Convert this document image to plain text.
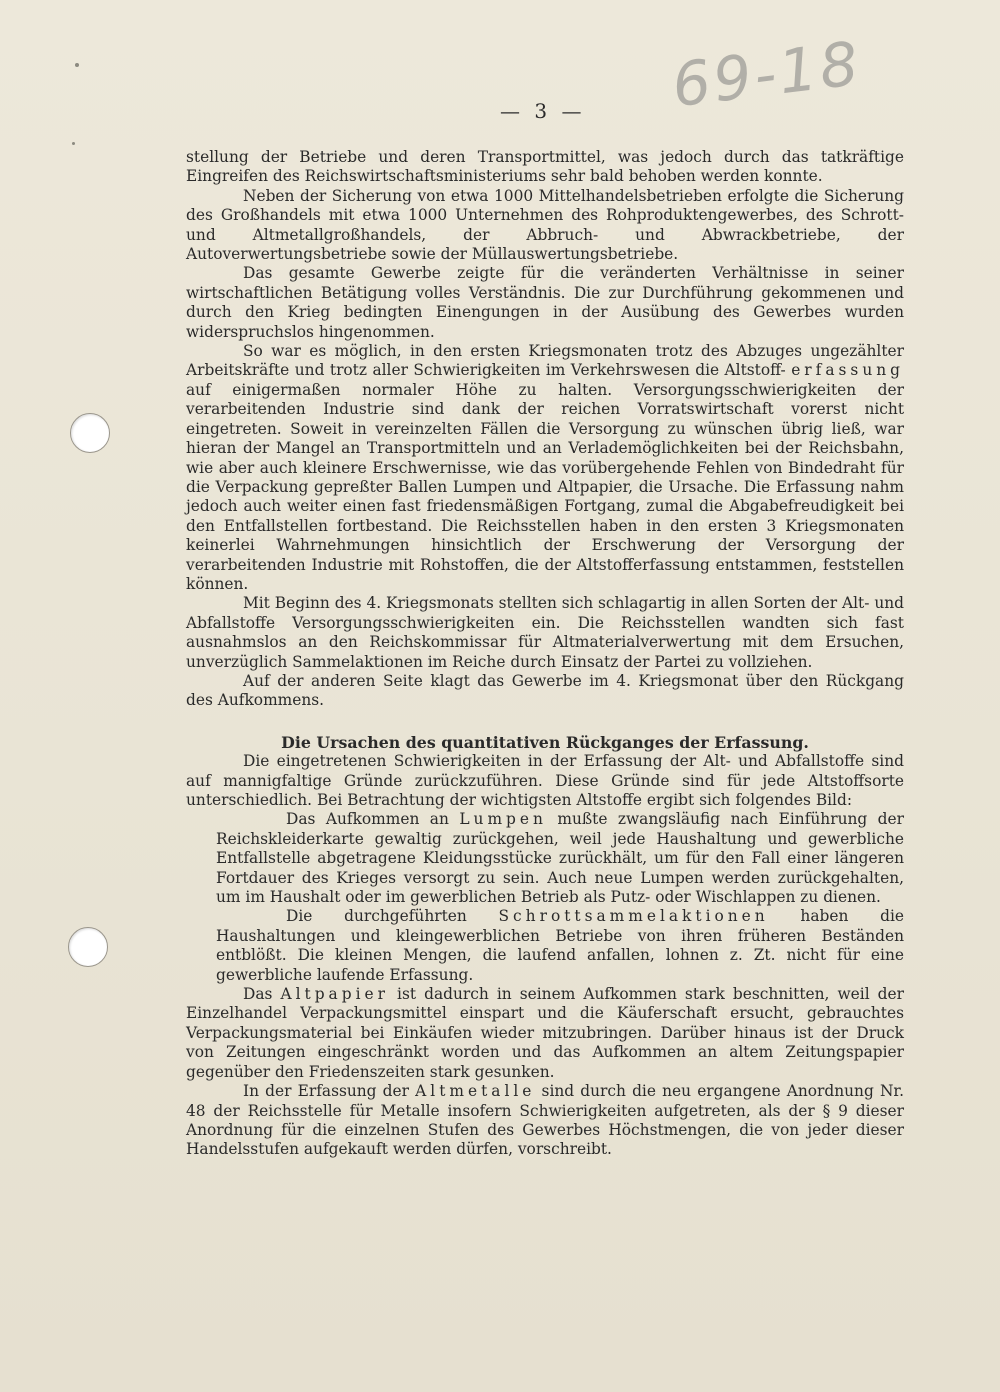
69-18
— 3 —

stellung der Betriebe und deren Transportmittel, was jedoch durch das tatkräftige Eingreifen des Reichswirtschaftsministeriums sehr bald behoben werden konnte.

Neben der Sicherung von etwa 1000 Mittelhandelsbetrieben erfolgte die Sicherung des Großhandels mit etwa 1000 Unternehmen des Rohproduktengewerbes, des Schrott- und Altmetallgroßhandels, der Abbruch- und Abwrackbetriebe, der Autoverwertungsbetriebe sowie der Müllauswertungsbetriebe.

Das gesamte Gewerbe zeigte für die veränderten Verhältnisse in seiner wirtschaftlichen Betätigung volles Verständnis. Die zur Durchführung gekommenen und durch den Krieg bedingten Einengungen in der Ausübung des Gewerbes wurden widerspruchslos hingenommen.

So war es möglich, in den ersten Kriegsmonaten trotz des Abzuges ungezählter Arbeitskräfte und trotz aller Schwierigkeiten im Verkehrswesen die Altstoff- erfassung auf einigermaßen normaler Höhe zu halten. Versorgungsschwierigkeiten der verarbeitenden Industrie sind dank der reichen Vorratswirtschaft vorerst nicht eingetreten. Soweit in vereinzelten Fällen die Versorgung zu wünschen übrig ließ, war hieran der Mangel an Transportmitteln und an Verlademöglichkeiten bei der Reichsbahn, wie aber auch kleinere Erschwernisse, wie das vorübergehende Fehlen von Bindedraht für die Verpackung gepreßter Ballen Lumpen und Altpapier, die Ursache. Die Erfassung nahm jedoch auch weiter einen fast friedensmäßigen Fortgang, zumal die Abgabefreudigkeit bei den Entfallstellen fortbestand. Die Reichsstellen haben in den ersten 3 Kriegsmonaten keinerlei Wahrnehmungen hinsichtlich der Erschwerung der Versorgung der verarbeitenden Industrie mit Rohstoffen, die der Altstofferfassung entstammen, feststellen können.

Mit Beginn des 4. Kriegsmonats stellten sich schlagartig in allen Sorten der Alt- und Abfallstoffe Versorgungsschwierigkeiten ein. Die Reichsstellen wandten sich fast ausnahmslos an den Reichskommissar für Altmaterialverwertung mit dem Ersuchen, unverzüglich Sammelaktionen im Reiche durch Einsatz der Partei zu vollziehen.

Auf der anderen Seite klagt das Gewerbe im 4. Kriegsmonat über den Rückgang des Aufkommens.

Die Ursachen des quantitativen Rückganges der Erfassung.

Die eingetretenen Schwierigkeiten in der Erfassung der Alt- und Abfallstoffe sind auf mannigfaltige Gründe zurückzuführen. Diese Gründe sind für jede Altstoffsorte unterschiedlich. Bei Betrachtung der wichtigsten Altstoffe ergibt sich folgendes Bild:

Das Aufkommen an Lumpen mußte zwangsläufig nach Einführung der Reichskleiderkarte gewaltig zurückgehen, weil jede Haushaltung und gewerbliche Entfallstelle abgetragene Kleidungsstücke zurückhält, um für den Fall einer längeren Fortdauer des Krieges versorgt zu sein. Auch neue Lumpen werden zurückgehalten, um im Haushalt oder im gewerblichen Betrieb als Putz- oder Wischlappen zu dienen.

Die durchgeführten Schrottsammelaktionen haben die Haushaltungen und kleingewerblichen Betriebe von ihren früheren Beständen entblößt. Die kleinen Mengen, die laufend anfallen, lohnen z. Zt. nicht für eine gewerbliche laufende Erfassung.

Das Altpapier ist dadurch in seinem Aufkommen stark beschnitten, weil der Einzelhandel Verpackungsmittel einspart und die Käuferschaft ersucht, gebrauchtes Verpackungsmaterial bei Einkäufen wieder mitzubringen. Darüber hinaus ist der Druck von Zeitungen eingeschränkt worden und das Aufkommen an altem Zeitungspapier gegenüber den Friedenszeiten stark gesunken.

In der Erfassung der Altmetalle sind durch die neu ergangene Anordnung Nr. 48 der Reichsstelle für Metalle insofern Schwierigkeiten aufgetreten, als der § 9 dieser Anordnung für die einzelnen Stufen des Gewerbes Höchstmengen, die von jeder dieser Handelsstufen aufgekauft werden dürfen, vorschreibt.
